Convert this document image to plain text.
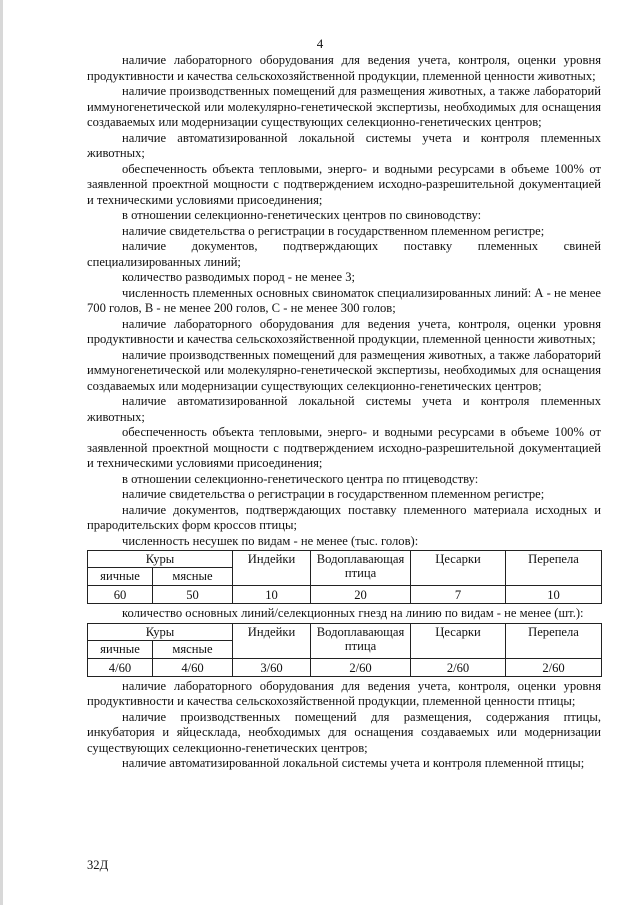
4

наличие лабораторного оборудования для ведения учета, контроля, оценки уровня продуктивности и качества сельскохозяйственной продукции, племенной ценности животных;

наличие производственных помещений для размещения животных, а также лабораторий иммуногенетической или молекулярно-генетической экспертизы, необходимых для оснащения создаваемых или модернизации существующих селекционно-генетических центров;

наличие автоматизированной локальной системы учета и контроля племенных животных;

обеспеченность объекта тепловыми, энерго- и водными ресурсами в объеме 100% от заявленной проектной мощности с подтверждением исходно-разрешительной документацией и техническими условиями присоединения;

в отношении селекционно-генетических центров по свиноводству:

наличие свидетельства о регистрации в государственном племенном регистре;

наличие документов, подтверждающих поставку племенных свиней специализированных линий;

количество разводимых пород - не менее 3;

численность племенных основных свиноматок специализированных линий: А - не менее 700 голов, В - не менее 200 голов, С - не менее 300 голов;

наличие лабораторного оборудования для ведения учета, контроля, оценки уровня продуктивности и качества сельскохозяйственной продукции, племенной ценности животных;

наличие производственных помещений для размещения животных, а также лабораторий иммуногенетической или молекулярно-генетической экспертизы, необходимых для оснащения создаваемых или модернизации существующих селекционно-генетических центров;

наличие автоматизированной локальной системы учета и контроля племенных животных;

обеспеченность объекта тепловыми, энерго- и водными ресурсами в объеме 100% от заявленной проектной мощности с подтверждением исходно-разрешительной документацией и техническими условиями присоединения;

в отношении селекционно-генетического центра по птицеводству:

наличие свидетельства о регистрации в государственном племенном регистре;

наличие документов, подтверждающих поставку племенного материала исходных и прародительских форм кроссов птицы;

численность несушек по видам - не менее (тыс. голов):

Куры		Индейки	Водоплавающая птица	Цесарки	Перепела
яичные	мясные				
60	50	10	20	7	10

количество основных линий/селекционных гнезд на линию по видам - не менее (шт.):

Куры		Индейки	Водоплавающая птица	Цесарки	Перепела
яичные	мясные				
4/60	4/60	3/60	2/60	2/60	2/60

наличие лабораторного оборудования для ведения учета, контроля, оценки уровня продуктивности и качества сельскохозяйственной продукции, племенной ценности птицы;

наличие производственных помещений для размещения, содержания птицы, инкубатория и яйцесклада, необходимых для оснащения создаваемых или модернизации существующих селекционно-генетических центров;

наличие автоматизированной локальной системы учета и контроля племенной птицы;

32Д
